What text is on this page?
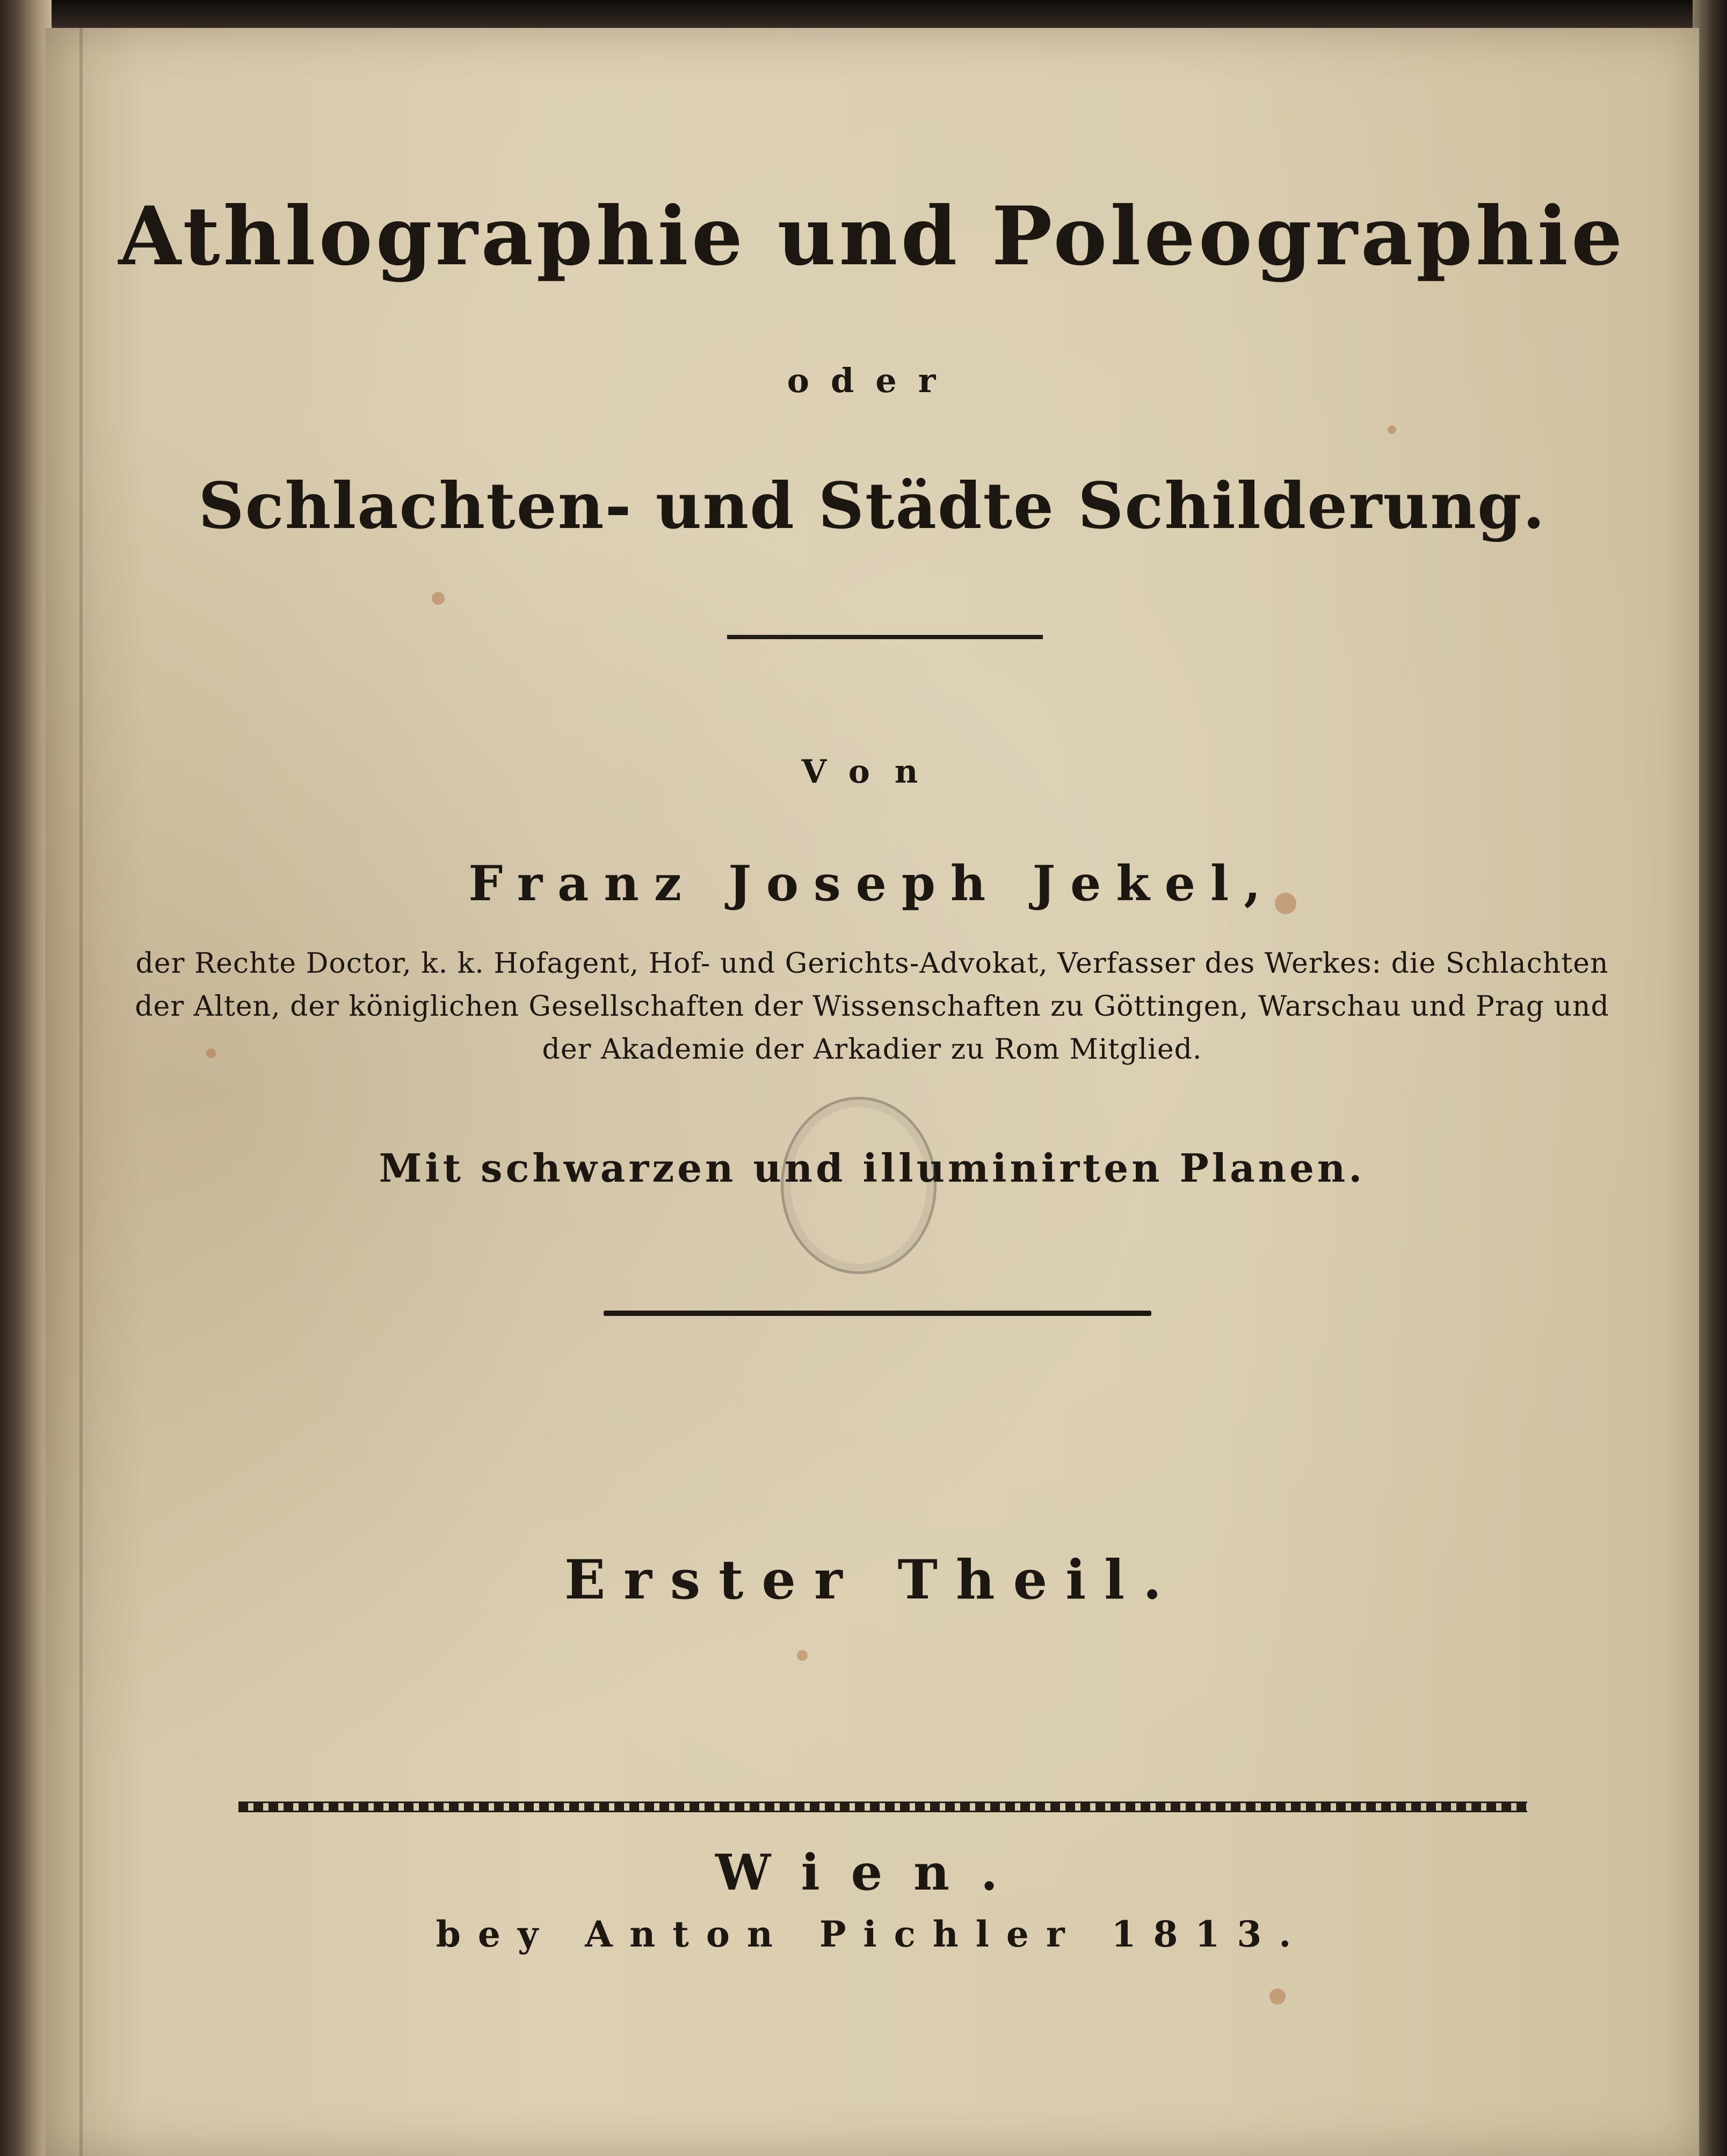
Athlographie und Poleographie
oder
Schlachten- und Städte Schilderung.
Von
Franz Joseph Jekel,
der Rechte Doctor, k. k. Hofagent, Hof- und Gerichts-Advokat, Verfasser des Werkes: die Schlachten
der Alten, der königlichen Gesellschaften der Wissenschaften zu Göttingen, Warschau und Prag und
der Akademie der Arkadier zu Rom Mitglied.
Mit schwarzen und illuminirten Planen.
Erster Theil.
Wien.
bey Anton Pichler 1813.
